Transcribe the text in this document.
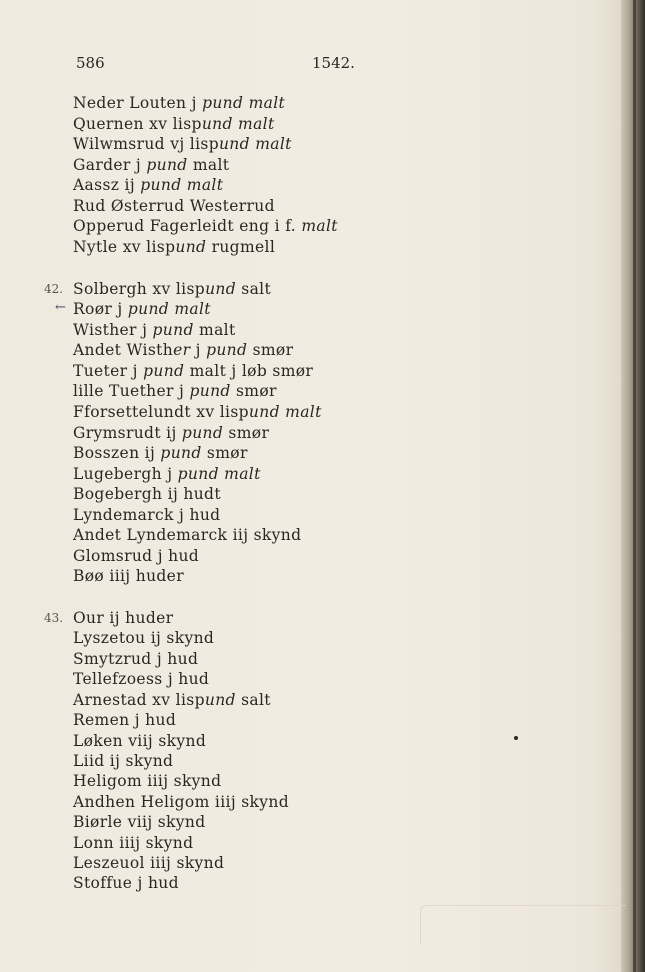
586	1542.
42.
43.
←
Neder Louten j pund malt
Quernen xv lispund malt
Wilwmsrud vj lispund malt
Garder j pund malt
Aassz ij pund malt
Rud Østerrud Westerrud
Opperud Fagerleidt eng i f. malt
Nytle xv lispund rugmell
Solbergh xv lispund salt
Roør j pund malt
Wisther j pund malt
Andet Wisther j pund smør
Tueter j pund malt j løb smør
lille Tuether j pund smør
Fforsettelundt xv lispund malt
Grymsrudt ij pund smør
Bosszen ij pund smør
Lugebergh j pund malt
Bogebergh ij hudt
Lyndemarck j hud
Andet Lyndemarck iij skynd
Glomsrud j hud
Bøø iiij huder
Our ij huder
Lyszetou ij skynd
Smytzrud j hud
Tellefzoess j hud
Arnestad xv lispund salt
Remen j hud
Løken viij skynd
Liid ij skynd
Heligom iiij skynd
Andhen Heligom iiij skynd
Biørle viij skynd
Lonn iiij skynd
Leszeuol iiij skynd
Stoffue j hud
